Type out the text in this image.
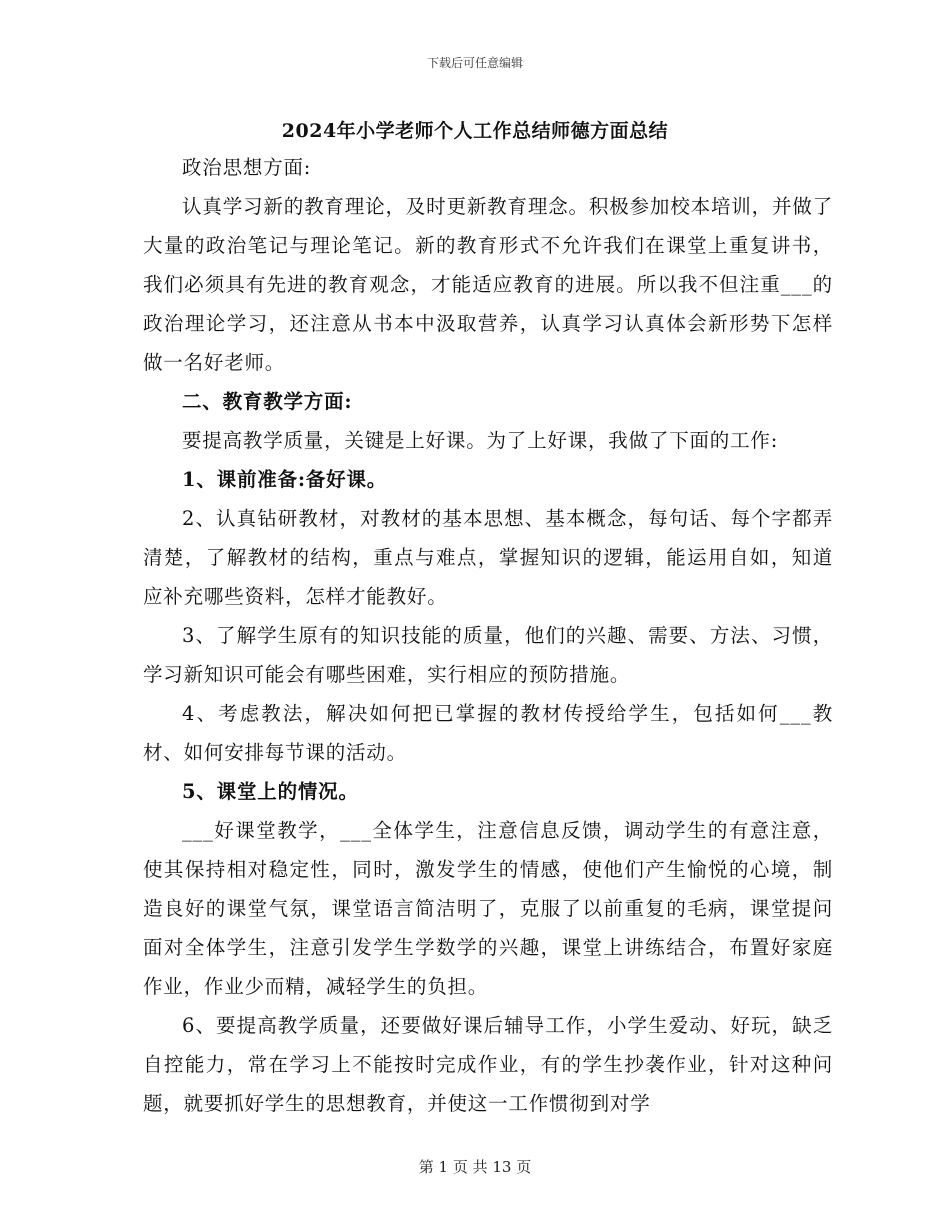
下载后可任意编辑
2024年小学老师个人工作总结师德方面总结

政治思想方面:

认真学习新的教育理论，及时更新教育理念。积极参加校本培训，并做了大量的政治笔记与理论笔记。新的教育形式不允许我们在课堂上重复讲书，我们必须具有先进的教育观念，才能适应教育的进展。所以我不但注重___的政治理论学习，还注意从书本中汲取营养，认真学习认真体会新形势下怎样做一名好老师。

二、教育教学方面:

要提高教学质量，关键是上好课。为了上好课，我做了下面的工作:

1、课前准备:备好课。

2、认真钻研教材，对教材的基本思想、基本概念，每句话、每个字都弄清楚，了解教材的结构，重点与难点，掌握知识的逻辑，能运用自如，知道应补充哪些资料，怎样才能教好。

3、了解学生原有的知识技能的质量，他们的兴趣、需要、方法、习惯，学习新知识可能会有哪些困难，实行相应的预防措施。

4、考虑教法，解决如何把已掌握的教材传授给学生，包括如何___教材、如何安排每节课的活动。

5、课堂上的情况。

___好课堂教学，___全体学生，注意信息反馈，调动学生的有意注意，使其保持相对稳定性，同时，激发学生的情感，使他们产生愉悦的心境，制造良好的课堂气氛，课堂语言简洁明了，克服了以前重复的毛病，课堂提问面对全体学生，注意引发学生学数学的兴趣，课堂上讲练结合，布置好家庭作业，作业少而精，减轻学生的负担。

6、要提高教学质量，还要做好课后辅导工作，小学生爱动、好玩，缺乏自控能力，常在学习上不能按时完成作业，有的学生抄袭作业，针对这种问题，就要抓好学生的思想教育，并使这一工作惯彻到对学

第 1 页 共 13 页
